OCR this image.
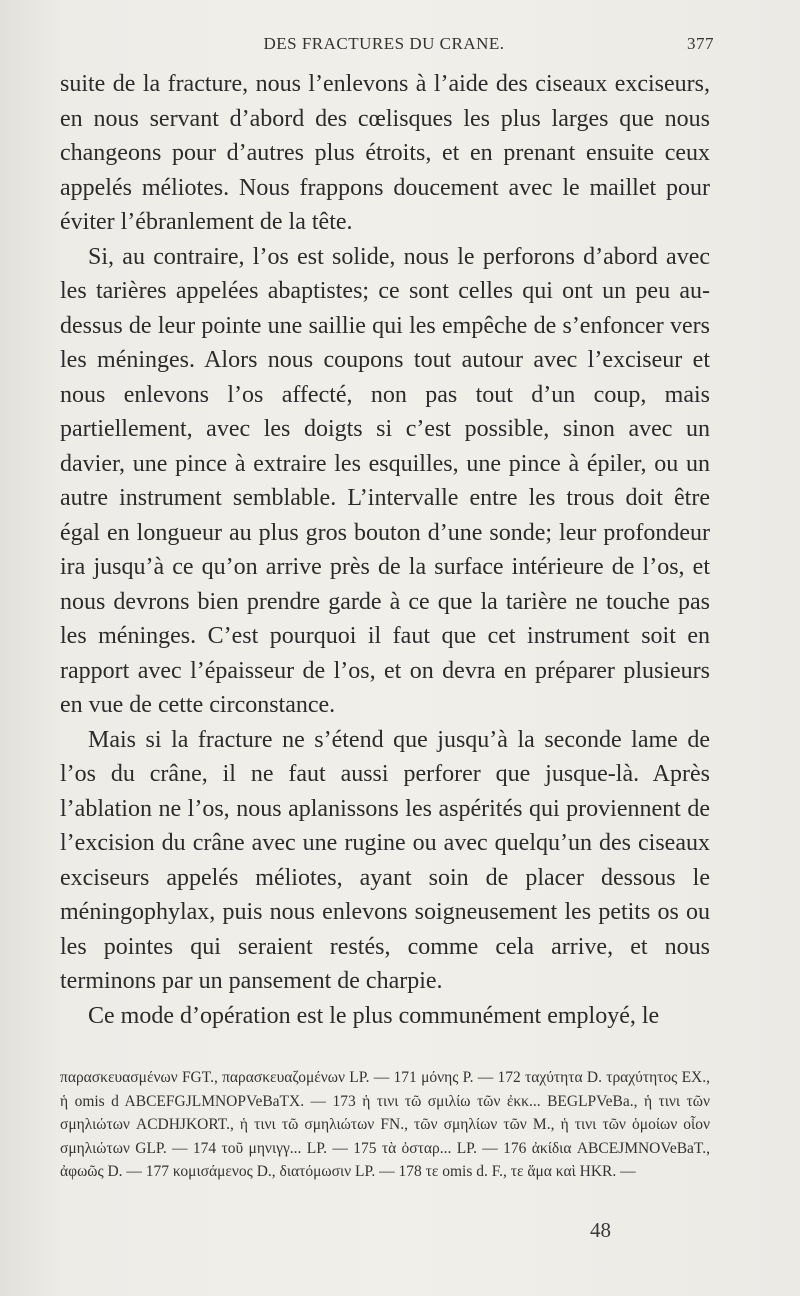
DES FRACTURES DU CRANE.	377

suite de la fracture, nous l’enlevons à l’aide des ciseaux exciseurs, en nous servant d’abord des cœlisques les plus larges que nous changeons pour d’autres plus étroits, et en prenant ensuite ceux appelés méliotes. Nous frappons doucement avec le maillet pour éviter l’ébranlement de la tête.

Si, au contraire, l’os est solide, nous le perforons d’abord avec les tarières appelées abaptistes; ce sont celles qui ont un peu au-dessus de leur pointe une saillie qui les empêche de s’enfoncer vers les méninges. Alors nous coupons tout autour avec l’exciseur et nous enlevons l’os affecté, non pas tout d’un coup, mais partiellement, avec les doigts si c’est possible, sinon avec un davier, une pince à extraire les esquilles, une pince à épiler, ou un autre instrument semblable. L’intervalle entre les trous doit être égal en longueur au plus gros bouton d’une sonde; leur profondeur ira jusqu’à ce qu’on arrive près de la surface intérieure de l’os, et nous devrons bien prendre garde à ce que la tarière ne touche pas les méninges. C’est pourquoi il faut que cet instrument soit en rapport avec l’épaisseur de l’os, et on devra en préparer plusieurs en vue de cette circonstance.

Mais si la fracture ne s’étend que jusqu’à la seconde lame de l’os du crâne, il ne faut aussi perforer que jusque-là. Après l’ablation ne l’os, nous aplanissons les aspérités qui proviennent de l’excision du crâne avec une rugine ou avec quelqu’un des ciseaux exciseurs appelés méliotes, ayant soin de placer dessous le méningophylax, puis nous enlevons soigneusement les petits os ou les pointes qui seraient restés, comme cela arrive, et nous terminons par un pansement de charpie.

Ce mode d’opération est le plus communément employé, le

παρασκευασμένων FGT., παρασκευαζομένων LP. — 171 μόνης P. — 172 ταχύτητα D. τραχύτητος EX., ἡ omis d ABCEFGJLMNOPVeBaTX. — 173 ἡ τινι τῶ σμιλίω τῶν ἐκκ... BEGLPVeBa., ἡ τινι τῶν σμηλιώτων ACDHJKORT., ἡ τινι τῶ σμηλιώτων FN., τῶν σμηλίων τῶν M., ἡ τινι τῶν ὁμοίων οἷον σμηλιώτων GLP. — 174 τοῦ μηνιγγ... LP. — 175 τὰ ὀσταρ... LP. — 176 ἀκίδια ABCEJMNOVeBaT., ἀφωῶς D. — 177 κομισάμενος D., διατόμωσιν LP. — 178 τε omis d. F., τε ἅμα καὶ HKR. —
48
